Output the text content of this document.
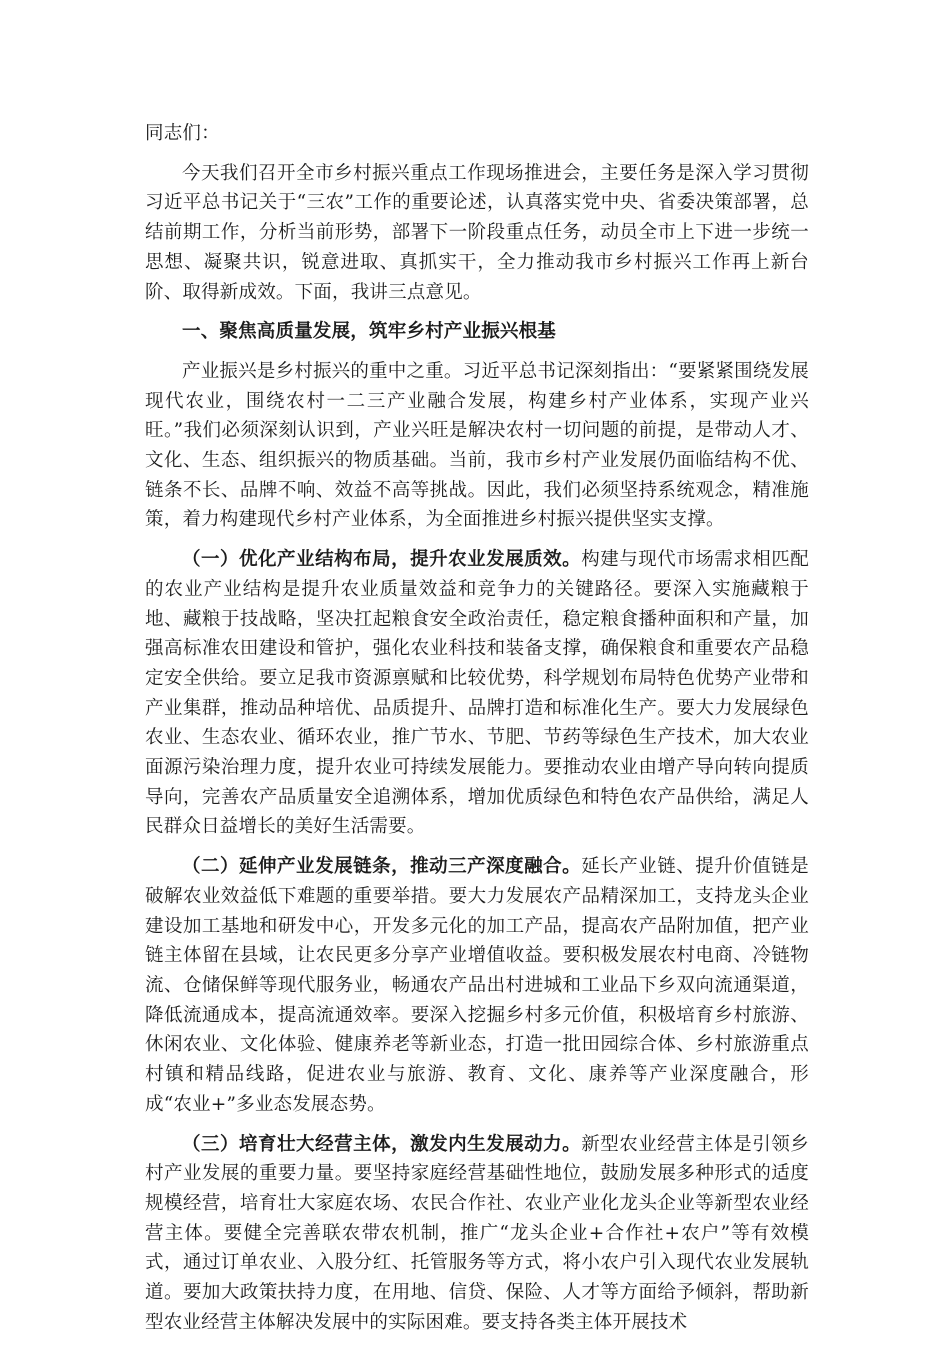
同志们：

今天我们召开全市乡村振兴重点工作现场推进会，主要任务是深入学习贯彻习近平总书记关于“三农”工作的重要论述，认真落实党中央、省委决策部署，总结前期工作，分析当前形势，部署下一阶段重点任务，动员全市上下进一步统一思想、凝聚共识，锐意进取、真抓实干，全力推动我市乡村振兴工作再上新台阶、取得新成效。下面，我讲三点意见。

一、聚焦高质量发展，筑牢乡村产业振兴根基

产业振兴是乡村振兴的重中之重。习近平总书记深刻指出：“要紧紧围绕发展现代农业，围绕农村一二三产业融合发展，构建乡村产业体系，实现产业兴旺。”我们必须深刻认识到，产业兴旺是解决农村一切问题的前提，是带动人才、文化、生态、组织振兴的物质基础。当前，我市乡村产业发展仍面临结构不优、链条不长、品牌不响、效益不高等挑战。因此，我们必须坚持系统观念，精准施策，着力构建现代乡村产业体系，为全面推进乡村振兴提供坚实支撑。

（一）优化产业结构布局，提升农业发展质效。构建与现代市场需求相匹配的农业产业结构是提升农业质量效益和竞争力的关键路径。要深入实施藏粮于地、藏粮于技战略，坚决扛起粮食安全政治责任，稳定粮食播种面积和产量，加强高标准农田建设和管护，强化农业科技和装备支撑，确保粮食和重要农产品稳定安全供给。要立足我市资源禀赋和比较优势，科学规划布局特色优势产业带和产业集群，推动品种培优、品质提升、品牌打造和标准化生产。要大力发展绿色农业、生态农业、循环农业，推广节水、节肥、节药等绿色生产技术，加大农业面源污染治理力度，提升农业可持续发展能力。要推动农业由增产导向转向提质导向，完善农产品质量安全追溯体系，增加优质绿色和特色农产品供给，满足人民群众日益增长的美好生活需要。

（二）延伸产业发展链条，推动三产深度融合。延长产业链、提升价值链是破解农业效益低下难题的重要举措。要大力发展农产品精深加工，支持龙头企业建设加工基地和研发中心，开发多元化的加工产品，提高农产品附加值，把产业链主体留在县域，让农民更多分享产业增值收益。要积极发展农村电商、冷链物流、仓储保鲜等现代服务业，畅通农产品出村进城和工业品下乡双向流通渠道，降低流通成本，提高流通效率。要深入挖掘乡村多元价值，积极培育乡村旅游、休闲农业、文化体验、健康养老等新业态，打造一批田园综合体、乡村旅游重点村镇和精品线路，促进农业与旅游、教育、文化、康养等产业深度融合，形成“农业+”多业态发展态势。

（三）培育壮大经营主体，激发内生发展动力。新型农业经营主体是引领乡村产业发展的重要力量。要坚持家庭经营基础性地位，鼓励发展多种形式的适度规模经营，培育壮大家庭农场、农民合作社、农业产业化龙头企业等新型农业经营主体。要健全完善联农带农机制，推广“龙头企业+合作社+农户”等有效模式，通过订单农业、入股分红、托管服务等方式，将小农户引入现代农业发展轨道。要加大政策扶持力度，在用地、信贷、保险、人才等方面给予倾斜，帮助新型农业经营主体解决发展中的实际困难。要支持各类主体开展技术
